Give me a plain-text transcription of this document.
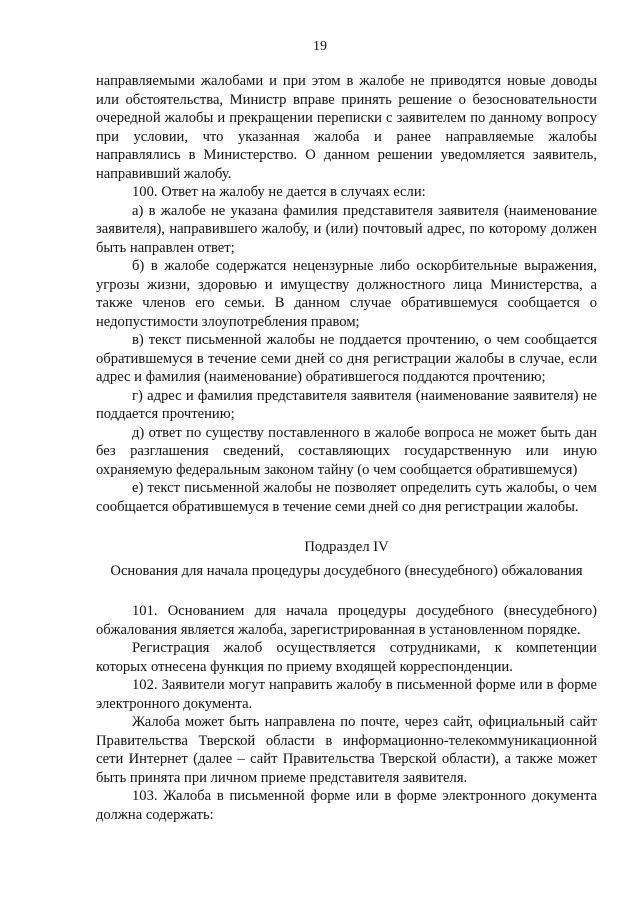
19

направляемыми жалобами и при этом в жалобе не приводятся новые доводы или обстоятельства, Министр вправе принять решение о безосновательности очередной жалобы и прекращении переписки с заявителем по данному вопросу при условии, что указанная жалоба и ранее направляемые жалобы направлялись в Министерство. О данном решении уведомляется заявитель, направивший жалобу.

100. Ответ на жалобу не дается в случаях если:

а) в жалобе не указана фамилия представителя заявителя (наименование заявителя), направившего жалобу, и (или) почтовый адрес, по которому должен быть направлен ответ;

б) в жалобе содержатся нецензурные либо оскорбительные выражения, угрозы жизни, здоровью и имуществу должностного лица Министерства, а также членов его семьи. В данном случае обратившемуся сообщается о недопустимости злоупотребления правом;

в) текст письменной жалобы не поддается прочтению, о чем сообщается обратившемуся в течение семи дней со дня регистрации жалобы в случае, если адрес и фамилия (наименование) обратившегося поддаются прочтению;

г) адрес и фамилия представителя заявителя (наименование заявителя) не поддается прочтению;

д) ответ по существу поставленного в жалобе вопроса не может быть дан без разглашения сведений, составляющих государственную или иную охраняемую федеральным законом тайну (о чем сообщается обратившемуся)

е) текст письменной жалобы не позволяет определить суть жалобы, о чем сообщается обратившемуся в течение семи дней со дня регистрации жалобы.

Подраздел IV

Основания для начала процедуры досудебного (внесудебного) обжалования

101. Основанием для начала процедуры досудебного (внесудебного) обжалования является жалоба, зарегистрированная в установленном порядке.

Регистрация жалоб осуществляется сотрудниками, к компетенции которых отнесена функция по приему входящей корреспонденции.

102. Заявители могут направить жалобу в письменной форме или в форме электронного документа.

Жалоба может быть направлена по почте, через сайт, официальный сайт Правительства Тверской области в информационно-телекоммуникационной сети Интернет (далее – сайт Правительства Тверской области), а также может быть принята при личном приеме представителя заявителя.

103. Жалоба в письменной форме или в форме электронного документа должна содержать:
